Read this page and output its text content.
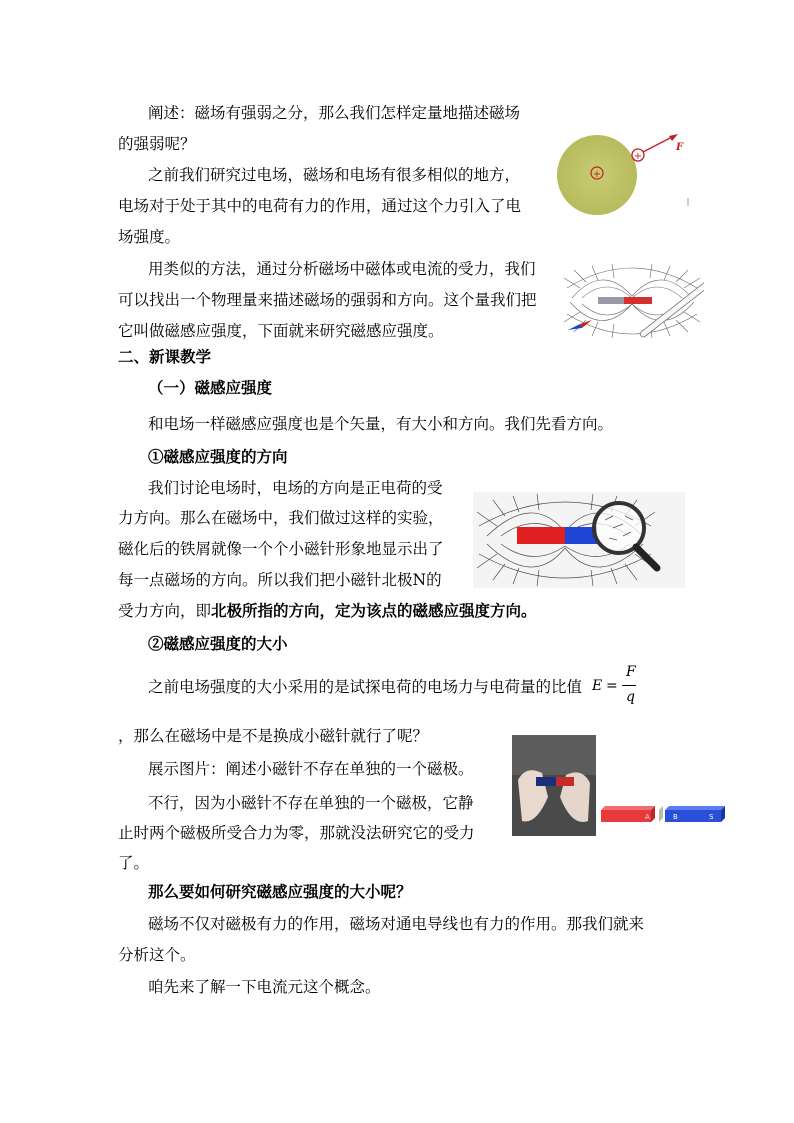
阐述：磁场有强弱之分，那么我们怎样定量地描述磁场
的强弱呢？
之前我们研究过电场，磁场和电场有很多相似的地方，
电场对于处于其中的电荷有力的作用，通过这个力引入了电
场强度。
用类似的方法，通过分析磁场中磁体或电流的受力，我们
可以找出一个物理量来描述磁场的强弱和方向。这个量我们把
它叫做磁感应强度，下面就来研究磁感应强度。
二、新课教学
（一）磁感应强度
和电场一样磁感应强度也是个矢量，有大小和方向。我们先看方向。
①磁感应强度的方向
我们讨论电场时，电场的方向是正电荷的受
力方向。那么在磁场中，我们做过这样的实验，
磁化后的铁屑就像一个个小磁针形象地显示出了
每一点磁场的方向。所以我们把小磁针北极N的
受力方向，即北极所指的方向，定为该点的磁感应强度方向。
②磁感应强度的大小
之前电场强度的大小采用的是试探电荷的电场力与电荷量的比值 E =
F
q
，那么在磁场中是不是换成小磁针就行了呢？
展示图片：阐述小磁针不存在单独的一个磁极。
不行，因为小磁针不存在单独的一个磁极，它静
止时两个磁极所受合力为零，那就没法研究它的受力
了。
那么要如何研究磁感应强度的大小呢？
磁场不仅对磁极有力的作用，磁场对通电导线也有力的作用。那我们就来
分析这个。
咱先来了解一下电流元这个概念。
+
+
F
A	B	S
